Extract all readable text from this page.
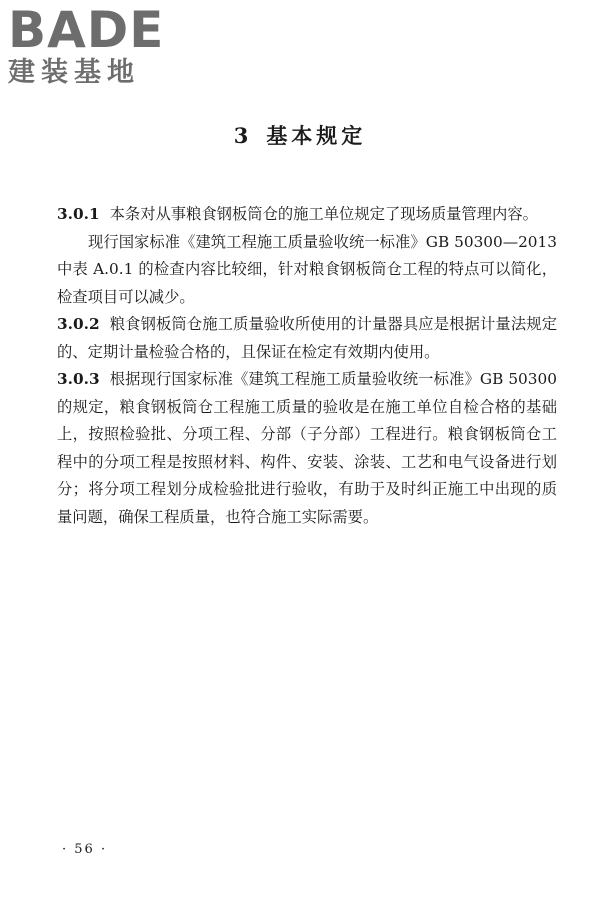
BADE
建装基地
3 基本规定

3.0.1 本条对从事粮食钢板筒仓的施工单位规定了现场质量管理内容。

现行国家标准《建筑工程施工质量验收统一标准》GB 50300—2013 中表 A.0.1 的检查内容比较细，针对粮食钢板筒仓工程的特点可以简化，检查项目可以减少。

3.0.2 粮食钢板筒仓施工质量验收所使用的计量器具应是根据计量法规定的、定期计量检验合格的，且保证在检定有效期内使用。

3.0.3 根据现行国家标准《建筑工程施工质量验收统一标准》GB 50300的规定，粮食钢板筒仓工程施工质量的验收是在施工单位自检合格的基础上，按照检验批、分项工程、分部（子分部）工程进行。粮食钢板筒仓工程中的分项工程是按照材料、构件、安装、涂装、工艺和电气设备进行划分；将分项工程划分成检验批进行验收，有助于及时纠正施工中出现的质量问题，确保工程质量，也符合施工实际需要。

· 56 ·
